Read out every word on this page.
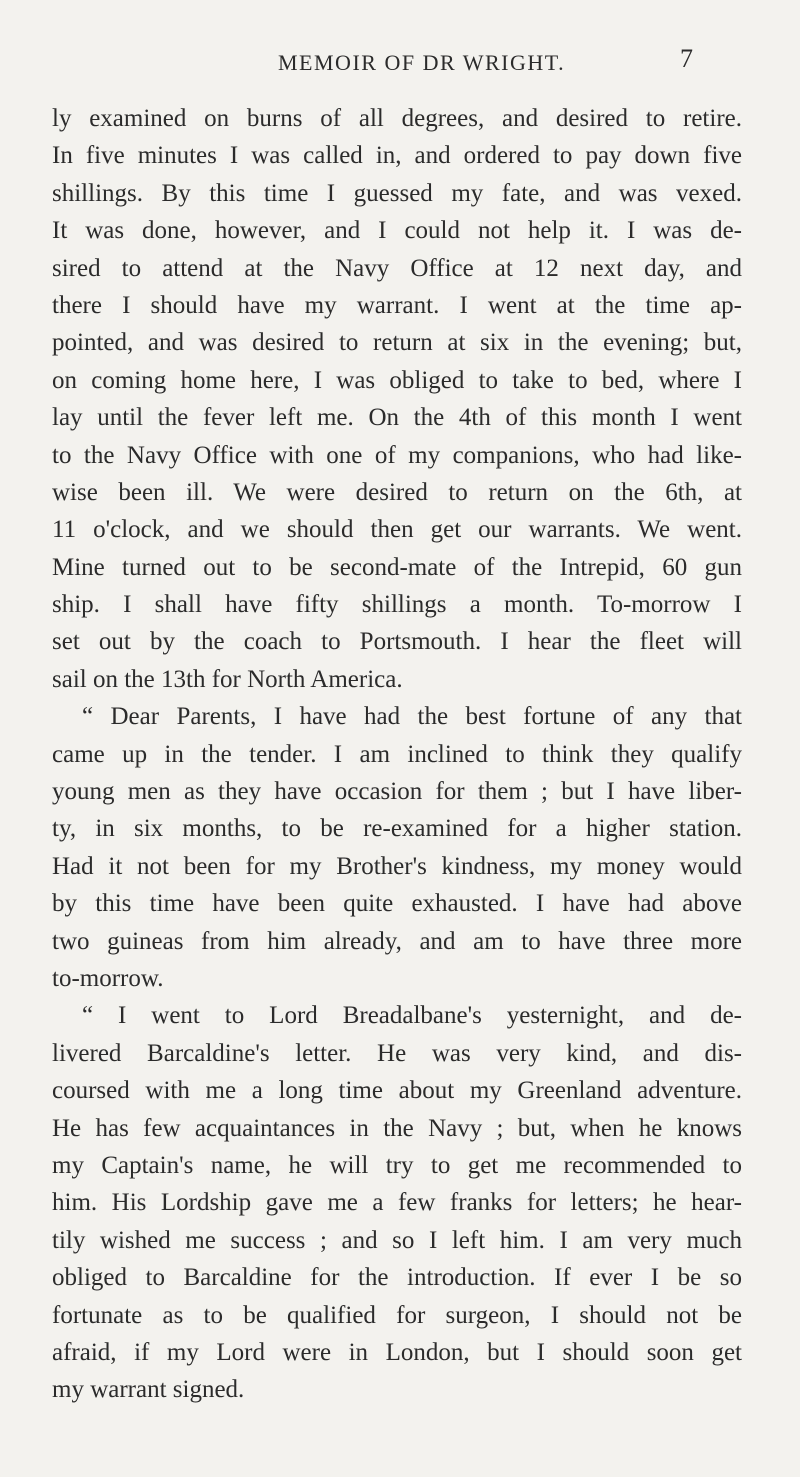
MEMOIR OF DR WRIGHT.	7
ly examined on burns of all degrees, and desired to retire.
In five minutes I was called in, and ordered to pay down five
shillings. By this time I guessed my fate, and was vexed.
It was done, however, and I could not help it. I was de-
sired to attend at the Navy Office at 12 next day, and
there I should have my warrant. I went at the time ap-
pointed, and was desired to return at six in the evening; but,
on coming home here, I was obliged to take to bed, where I
lay until the fever left me. On the 4th of this month I went
to the Navy Office with one of my companions, who had like-
wise been ill. We were desired to return on the 6th, at
11 o'clock, and we should then get our warrants. We went.
Mine turned out to be second-mate of the Intrepid, 60 gun
ship. I shall have fifty shillings a month. To-morrow I
set out by the coach to Portsmouth. I hear the fleet will
sail on the 13th for North America.
“ Dear Parents, I have had the best fortune of any that
came up in the tender. I am inclined to think they qualify
young men as they have occasion for them ; but I have liber-
ty, in six months, to be re-examined for a higher station.
Had it not been for my Brother's kindness, my money would
by this time have been quite exhausted. I have had above
two guineas from him already, and am to have three more
to-morrow.
“ I went to Lord Breadalbane's yesternight, and de-
livered Barcaldine's letter. He was very kind, and dis-
coursed with me a long time about my Greenland adventure.
He has few acquaintances in the Navy ; but, when he knows
my Captain's name, he will try to get me recommended to
him. His Lordship gave me a few franks for letters; he hear-
tily wished me success ; and so I left him. I am very much
obliged to Barcaldine for the introduction. If ever I be so
fortunate as to be qualified for surgeon, I should not be
afraid, if my Lord were in London, but I should soon get
my warrant signed.
